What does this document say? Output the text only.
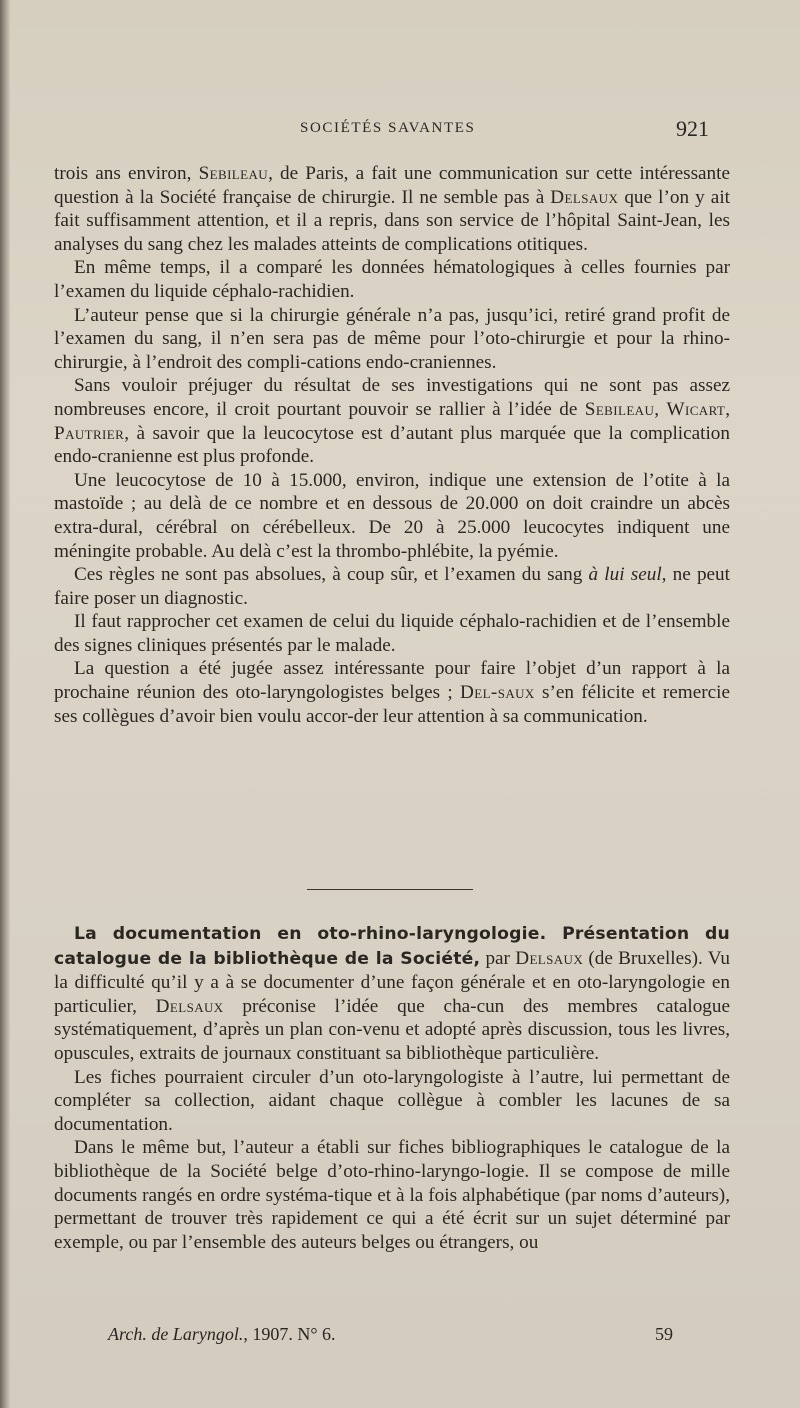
SOCIÉTÉS SAVANTES	921

trois ans environ, Sebileau, de Paris, a fait une communication sur cette intéressante question à la Société française de chirurgie. Il ne semble pas à Delsaux que l’on y ait fait suffisamment attention, et il a repris, dans son service de l’hôpital Saint-Jean, les analyses du sang chez les malades atteints de complications otitiques.

En même temps, il a comparé les données hématologiques à celles fournies par l’examen du liquide céphalo-rachidien.

L’auteur pense que si la chirurgie générale n’a pas, jusqu’ici, retiré grand profit de l’examen du sang, il n’en sera pas de même pour l’oto-chirurgie et pour la rhino-chirurgie, à l’endroit des compli-cations endo-craniennes.

Sans vouloir préjuger du résultat de ses investigations qui ne sont pas assez nombreuses encore, il croit pourtant pouvoir se rallier à l’idée de Sebileau, Wicart, Pautrier, à savoir que la leucocytose est d’autant plus marquée que la complication endo-cranienne est plus profonde.

Une leucocytose de 10 à 15.000, environ, indique une extension de l’otite à la mastoïde ; au delà de ce nombre et en dessous de 20.000 on doit craindre un abcès extra-dural, cérébral on cérébelleux. De 20 à 25.000 leucocytes indiquent une méningite probable. Au delà c’est la thrombo-phlébite, la pyémie.

Ces règles ne sont pas absolues, à coup sûr, et l’examen du sang à lui seul, ne peut faire poser un diagnostic.

Il faut rapprocher cet examen de celui du liquide céphalo-rachidien et de l’ensemble des signes cliniques présentés par le malade.

La question a été jugée assez intéressante pour faire l’objet d’un rapport à la prochaine réunion des oto-laryngologistes belges ; Del-saux s’en félicite et remercie ses collègues d’avoir bien voulu accor-der leur attention à sa communication.

La documentation en oto-rhino-laryngologie. Présentation du catalogue de la bibliothèque de la Société, par Delsaux (de Bruxelles). Vu la difficulté qu’il y a à se documenter d’une façon générale et en oto-laryngologie en particulier, Delsaux préconise l’idée que cha-cun des membres catalogue systématiquement, d’après un plan con-venu et adopté après discussion, tous les livres, opuscules, extraits de journaux constituant sa bibliothèque particulière.

Les fiches pourraient circuler d’un oto-laryngologiste à l’autre, lui permettant de compléter sa collection, aidant chaque collègue à combler les lacunes de sa documentation.

Dans le même but, l’auteur a établi sur fiches bibliographiques le catalogue de la bibliothèque de la Société belge d’oto-rhino-laryngo-logie. Il se compose de mille documents rangés en ordre systéma-tique et à la fois alphabétique (par noms d’auteurs), permettant de trouver très rapidement ce qui a été écrit sur un sujet déterminé par exemple, ou par l’ensemble des auteurs belges ou étrangers, ou

Arch. de Laryngol., 1907. N° 6.	59
